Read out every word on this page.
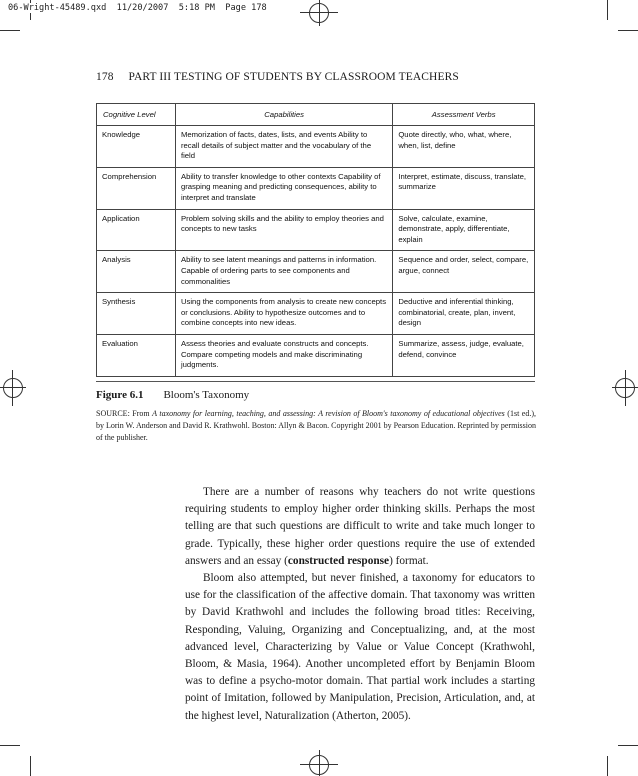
06-Wright-45489.qxd  11/20/2007  5:18 PM  Page 178
178 PART III TESTING OF STUDENTS BY CLASSROOM TEACHERS
Cognitive Level	Capabilities	Assessment Verbs
Knowledge	Memorization of facts, dates, lists, and events Ability to recall details of subject matter and the vocabulary of the field	Quote directly, who, what, where, when, list, define
Comprehension	Ability to transfer knowledge to other contexts Capability of grasping meaning and predicting consequences, ability to interpret and translate	Interpret, estimate, discuss, translate, summarize
Application	Problem solving skills and the ability to employ theories and concepts to new tasks	Solve, calculate, examine, demonstrate, apply, differentiate, explain
Analysis	Ability to see latent meanings and patterns in information. Capable of ordering parts to see components and commonalities	Sequence and order, select, compare, argue, connect
Synthesis	Using the components from analysis to create new concepts or conclusions. Ability to hypothesize outcomes and to combine concepts into new ideas.	Deductive and inferential thinking, combinatorial, create, plan, invent, design
Evaluation	Assess theories and evaluate constructs and concepts. Compare competing models and make discriminating judgments.	Summarize, assess, judge, evaluate, defend, convince
Figure 6.1 Bloom's Taxonomy
SOURCE: From A taxonomy for learning, teaching, and assessing: A revision of Bloom's taxonomy of educational objectives (1st ed.), by Lorin W. Anderson and David R. Krathwohl. Boston: Allyn & Bacon. Copyright 2001 by Pearson Education. Reprinted by permission of the publisher.

There are a number of reasons why teachers do not write questions requiring students to employ higher order thinking skills. Perhaps the most telling are that such questions are difficult to write and take much longer to grade. Typically, these higher order questions require the use of extended answers and an essay (constructed response) format.

Bloom also attempted, but never finished, a taxonomy for educators to use for the classification of the affective domain. That taxonomy was written by David Krathwohl and includes the following broad titles: Receiving, Responding, Valuing, Organizing and Conceptualizing, and, at the most advanced level, Characterizing by Value or Value Concept (Krathwohl, Bloom, & Masia, 1964). Another uncompleted effort by Benjamin Bloom was to define a psycho-motor domain. That partial work includes a starting point of Imitation, followed by Manipulation, Precision, Articulation, and, at the highest level, Naturalization (Atherton, 2005).
